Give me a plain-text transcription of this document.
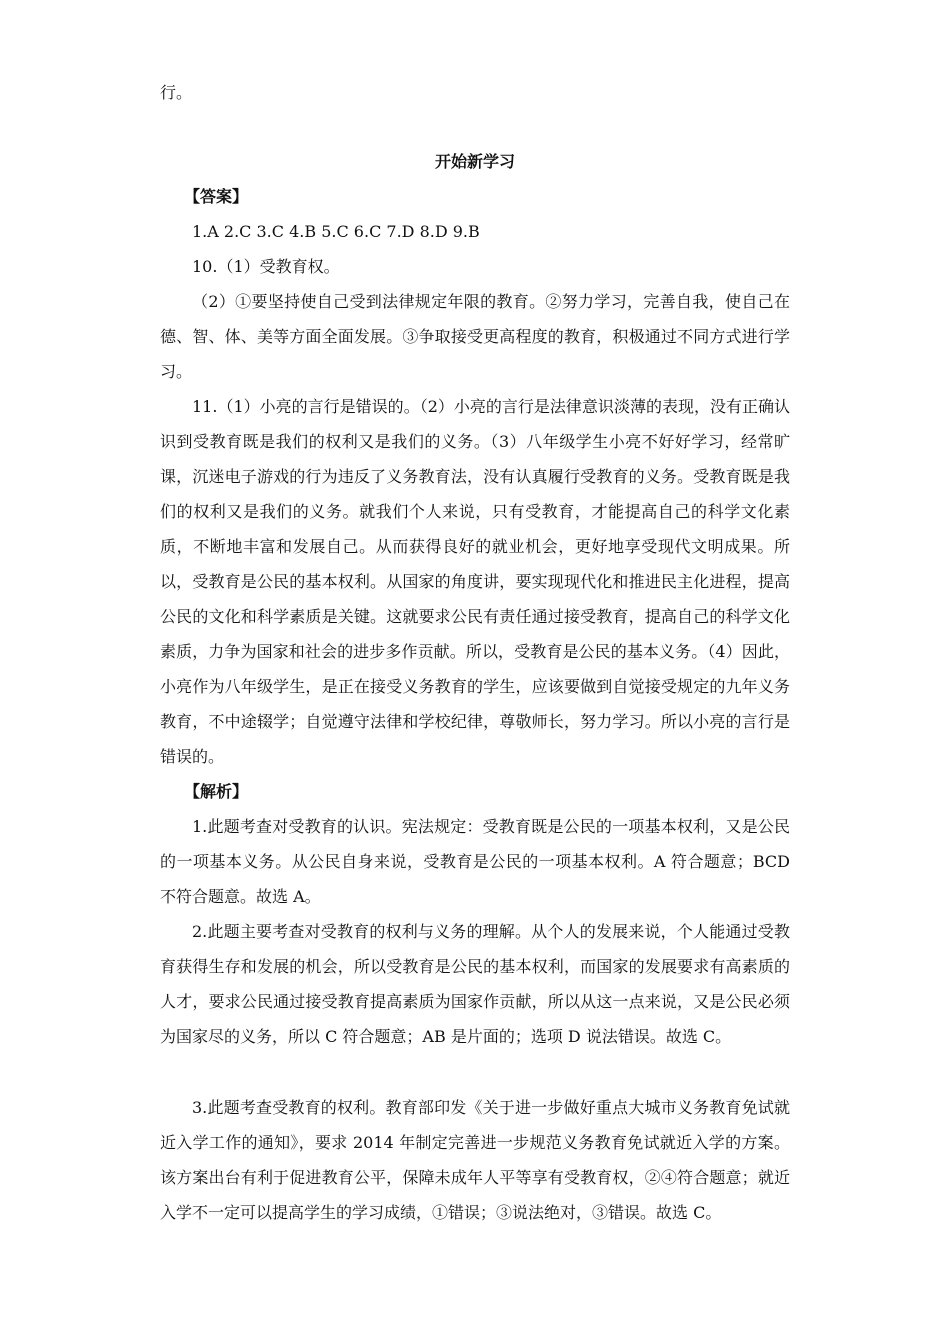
行。

开始新学习

【答案】

1.A 2.C 3.C 4.B 5.C 6.C 7.D 8.D 9.B

10.（1）受教育权。

（2）①要坚持使自己受到法律规定年限的教育。②努力学习，完善自我，使自己在德、智、体、美等方面全面发展。③争取接受更高程度的教育，积极通过不同方式进行学习。

11.（1）小亮的言行是错误的。（2）小亮的言行是法律意识淡薄的表现，没有正确认识到受教育既是我们的权利又是我们的义务。（3）八年级学生小亮不好好学习，经常旷课，沉迷电子游戏的行为违反了义务教育法，没有认真履行受教育的义务。受教育既是我们的权利又是我们的义务。就我们个人来说，只有受教育，才能提高自己的科学文化素质，不断地丰富和发展自己。从而获得良好的就业机会，更好地享受现代文明成果。所以，受教育是公民的基本权利。从国家的角度讲，要实现现代化和推进民主化进程，提高公民的文化和科学素质是关键。这就要求公民有责任通过接受教育，提高自己的科学文化素质，力争为国家和社会的进步多作贡献。所以，受教育是公民的基本义务。（4）因此，小亮作为八年级学生，是正在接受义务教育的学生，应该要做到自觉接受规定的九年义务教育，不中途辍学；自觉遵守法律和学校纪律，尊敬师长，努力学习。所以小亮的言行是错误的。

【解析】

1.此题考查对受教育的认识。宪法规定：受教育既是公民的一项基本权利，又是公民的一项基本义务。从公民自身来说，受教育是公民的一项基本权利。A 符合题意；BCD 不符合题意。故选 A。

2.此题主要考查对受教育的权利与义务的理解。从个人的发展来说，个人能通过受教育获得生存和发展的机会，所以受教育是公民的基本权利，而国家的发展要求有高素质的人才，要求公民通过接受教育提高素质为国家作贡献，所以从这一点来说，又是公民必须为国家尽的义务，所以 C 符合题意；AB 是片面的；选项 D 说法错误。故选 C。

3.此题考查受教育的权利。教育部印发《关于进一步做好重点大城市义务教育免试就近入学工作的通知》，要求 2014 年制定完善进一步规范义务教育免试就近入学的方案。该方案出台有利于促进教育公平，保障未成年人平等享有受教育权，②④符合题意；就近入学不一定可以提高学生的学习成绩，①错误；③说法绝对，③错误。故选 C。
